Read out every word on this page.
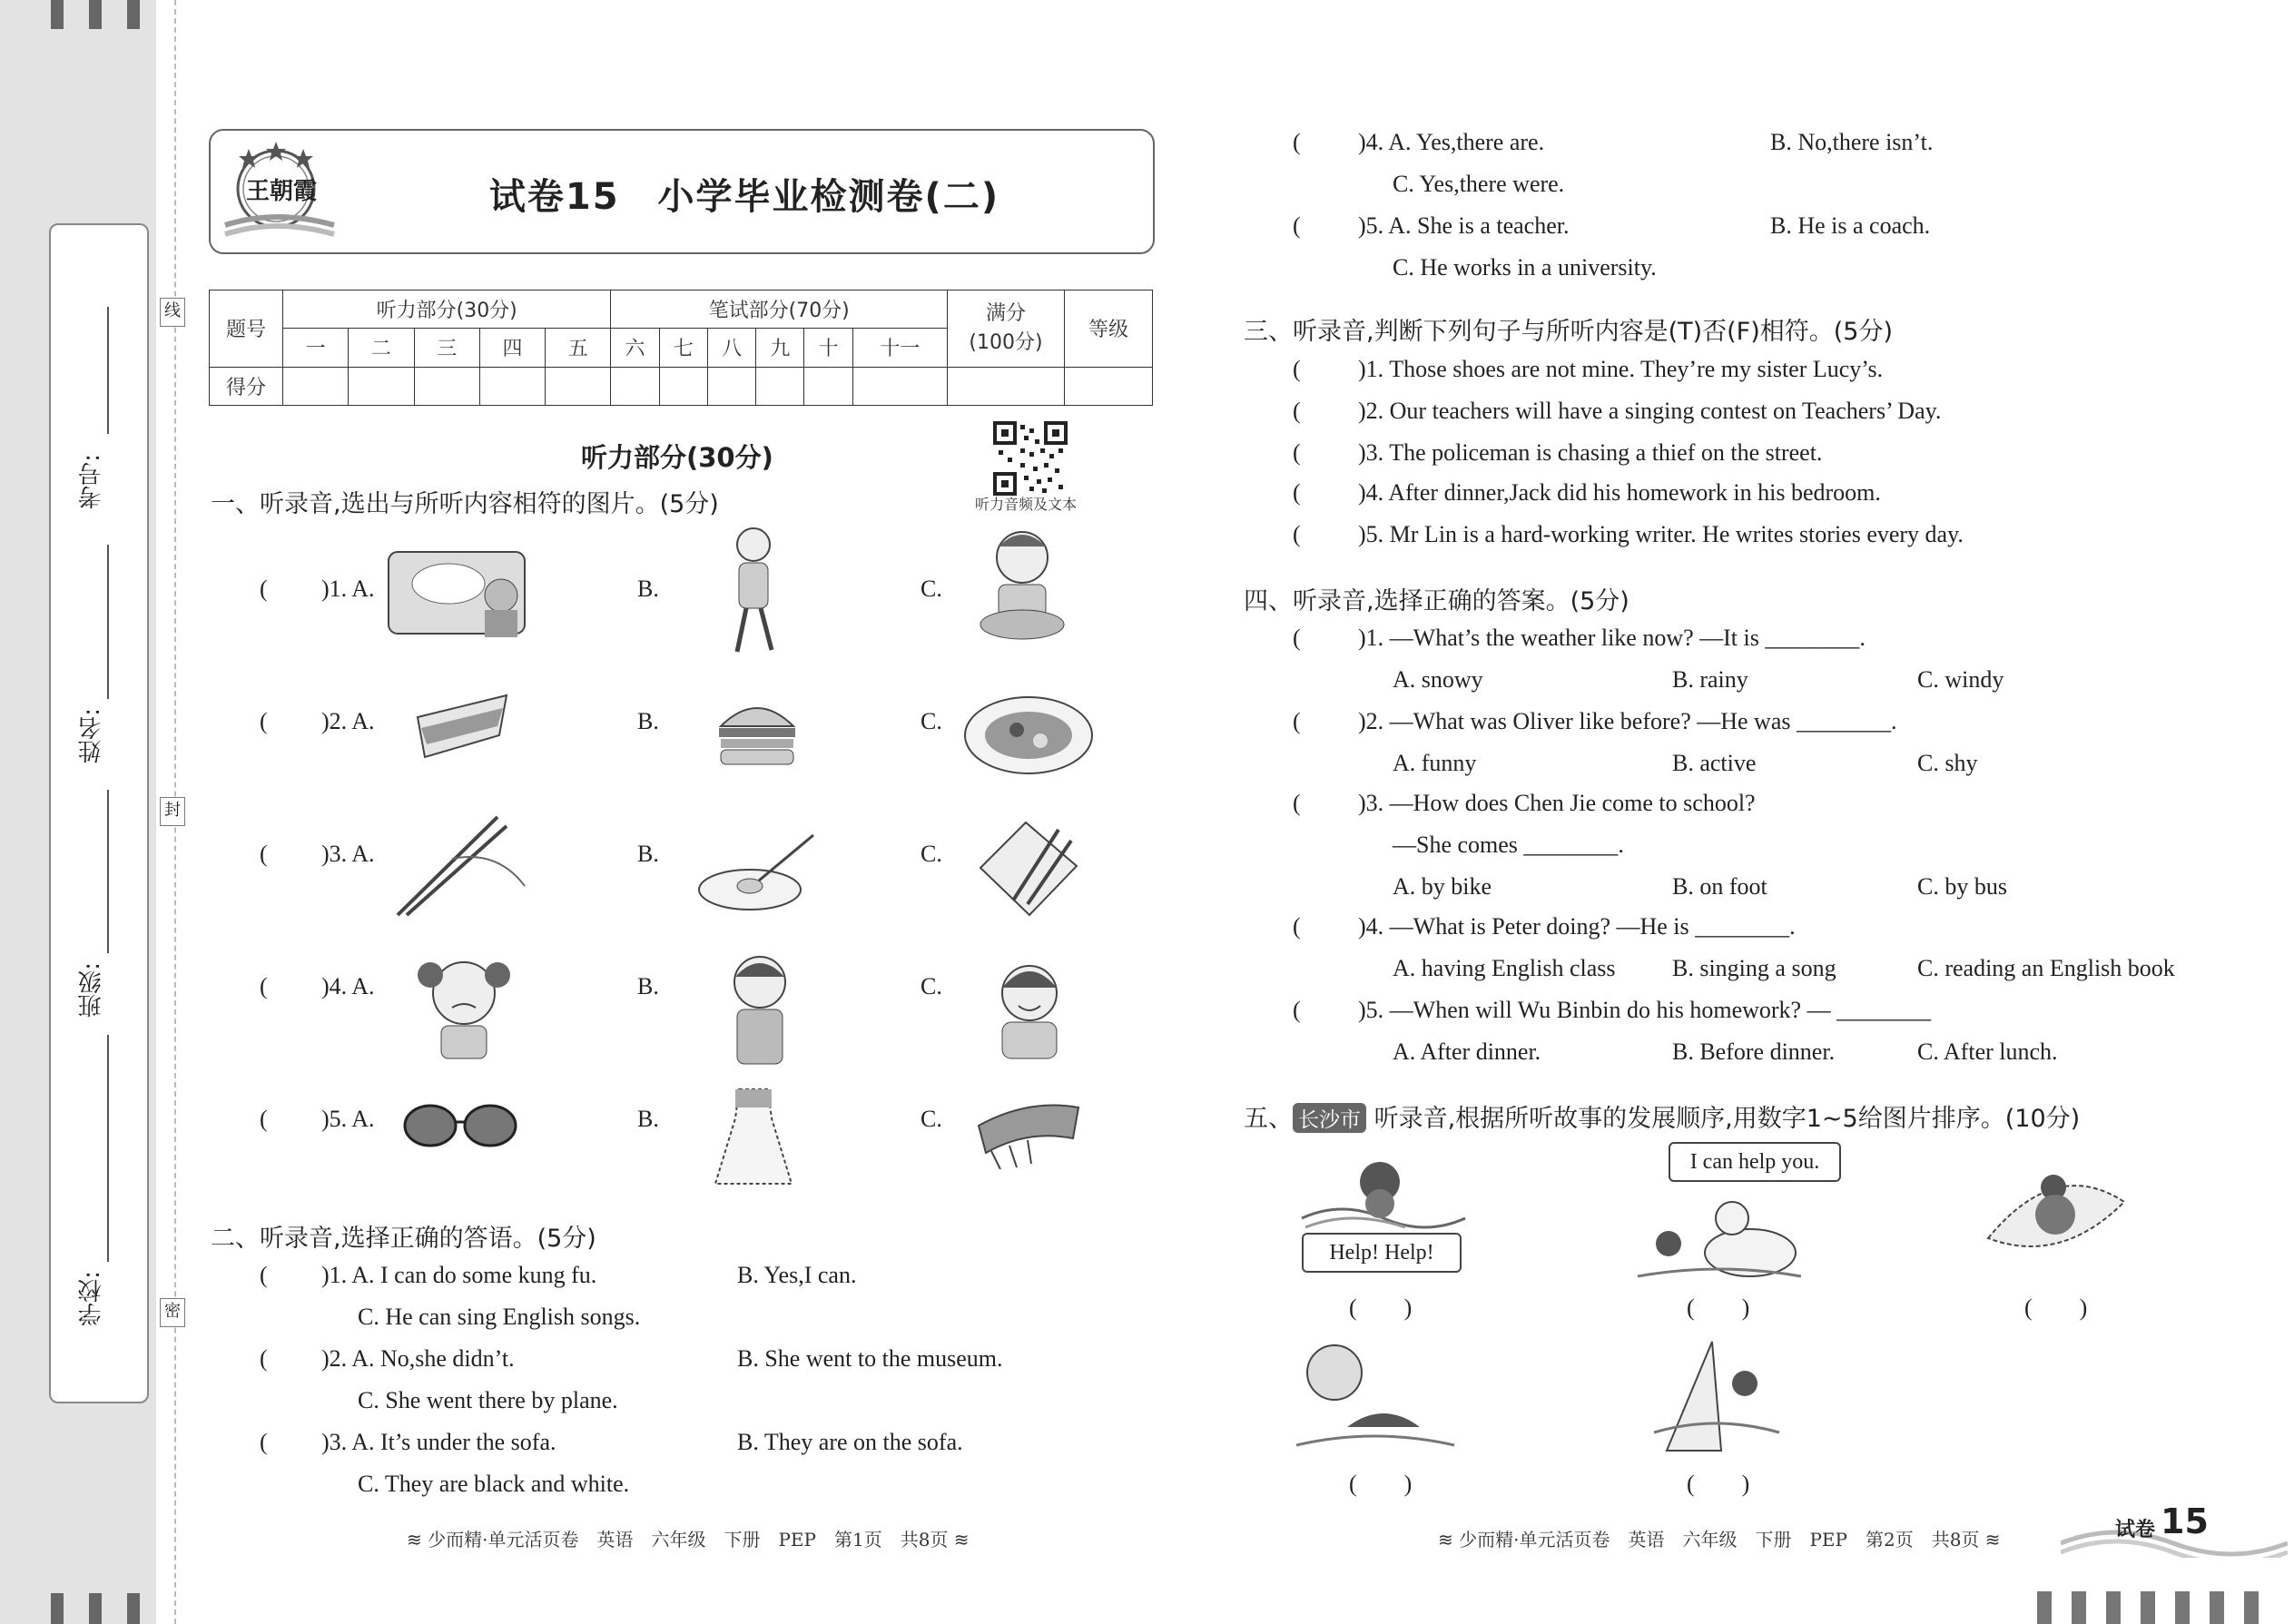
考号:
姓名:
班级:
学校:
线
封
密
王朝霞	试卷15　小学毕业检测卷(二)
题号	听力部分(30分)					笔试部分(70分)						满分
(100分)	等级
	一	二	三	四	五	六	七	八	九	十	十一		
得分													
听力部分(30分)
听力音频及文本
一、听录音,选出与所听内容相符的图片。(5分)
( )1. A.	B.	C.
( )2. A.	B.	C.
( )3. A.	B.	C.
( )4. A.	B.	C.
( )5. A.	B.	C.
二、听录音,选择正确的答语。(5分)
( )1. A. I can do some kung fu.	B. Yes,I can.
C. He can sing English songs.
( )2. A. No,she didn’t.	B. She went to the museum.
C. She went there by plane.
( )3. A. It’s under the sofa.	B. They are on the sofa.
C. They are black and white.
≋ 少而精·单元活页卷　英语　六年级　下册　PEP　第1页　共8页 ≋
( )4. A. Yes,there are.	B. No,there isn’t.
C. Yes,there were.
( )5. A. She is a teacher.	B. He is a coach.
C. He works in a university.
三、听录音,判断下列句子与所听内容是(T)否(F)相符。(5分)
( )1. Those shoes are not mine. They’re my sister Lucy’s.
( )2. Our teachers will have a singing contest on Teachers’ Day.
( )3. The policeman is chasing a thief on the street.
( )4. After dinner,Jack did his homework in his bedroom.
( )5. Mr Lin is a hard-working writer. He writes stories every day.
四、听录音,选择正确的答案。(5分)
( )1. —What’s the weather like now? —It is ________.
A. snowy	B. rainy	C. windy
( )2. —What was Oliver like before? —He was ________.
A. funny	B. active	C. shy
( )3. —How does Chen Jie come to school?
—She comes ________.
A. by bike	B. on foot	C. by bus
( )4. —What is Peter doing? —He is ________.
A. having English class B. singing a song	C. reading an English book
( )5. —When will Wu Binbin do his homework? — ________
A. After dinner.	B. Before dinner.	C. After lunch.
五、 长沙市 听录音,根据所听故事的发展顺序,用数字1~5给图片排序。(10分)
Help! Help!
(　　)
I can help you.
(　　)	(　　)
(　　)	(　　)
≋ 少而精·单元活页卷　英语　六年级　下册　PEP　第2页　共8页 ≋	试卷 15
